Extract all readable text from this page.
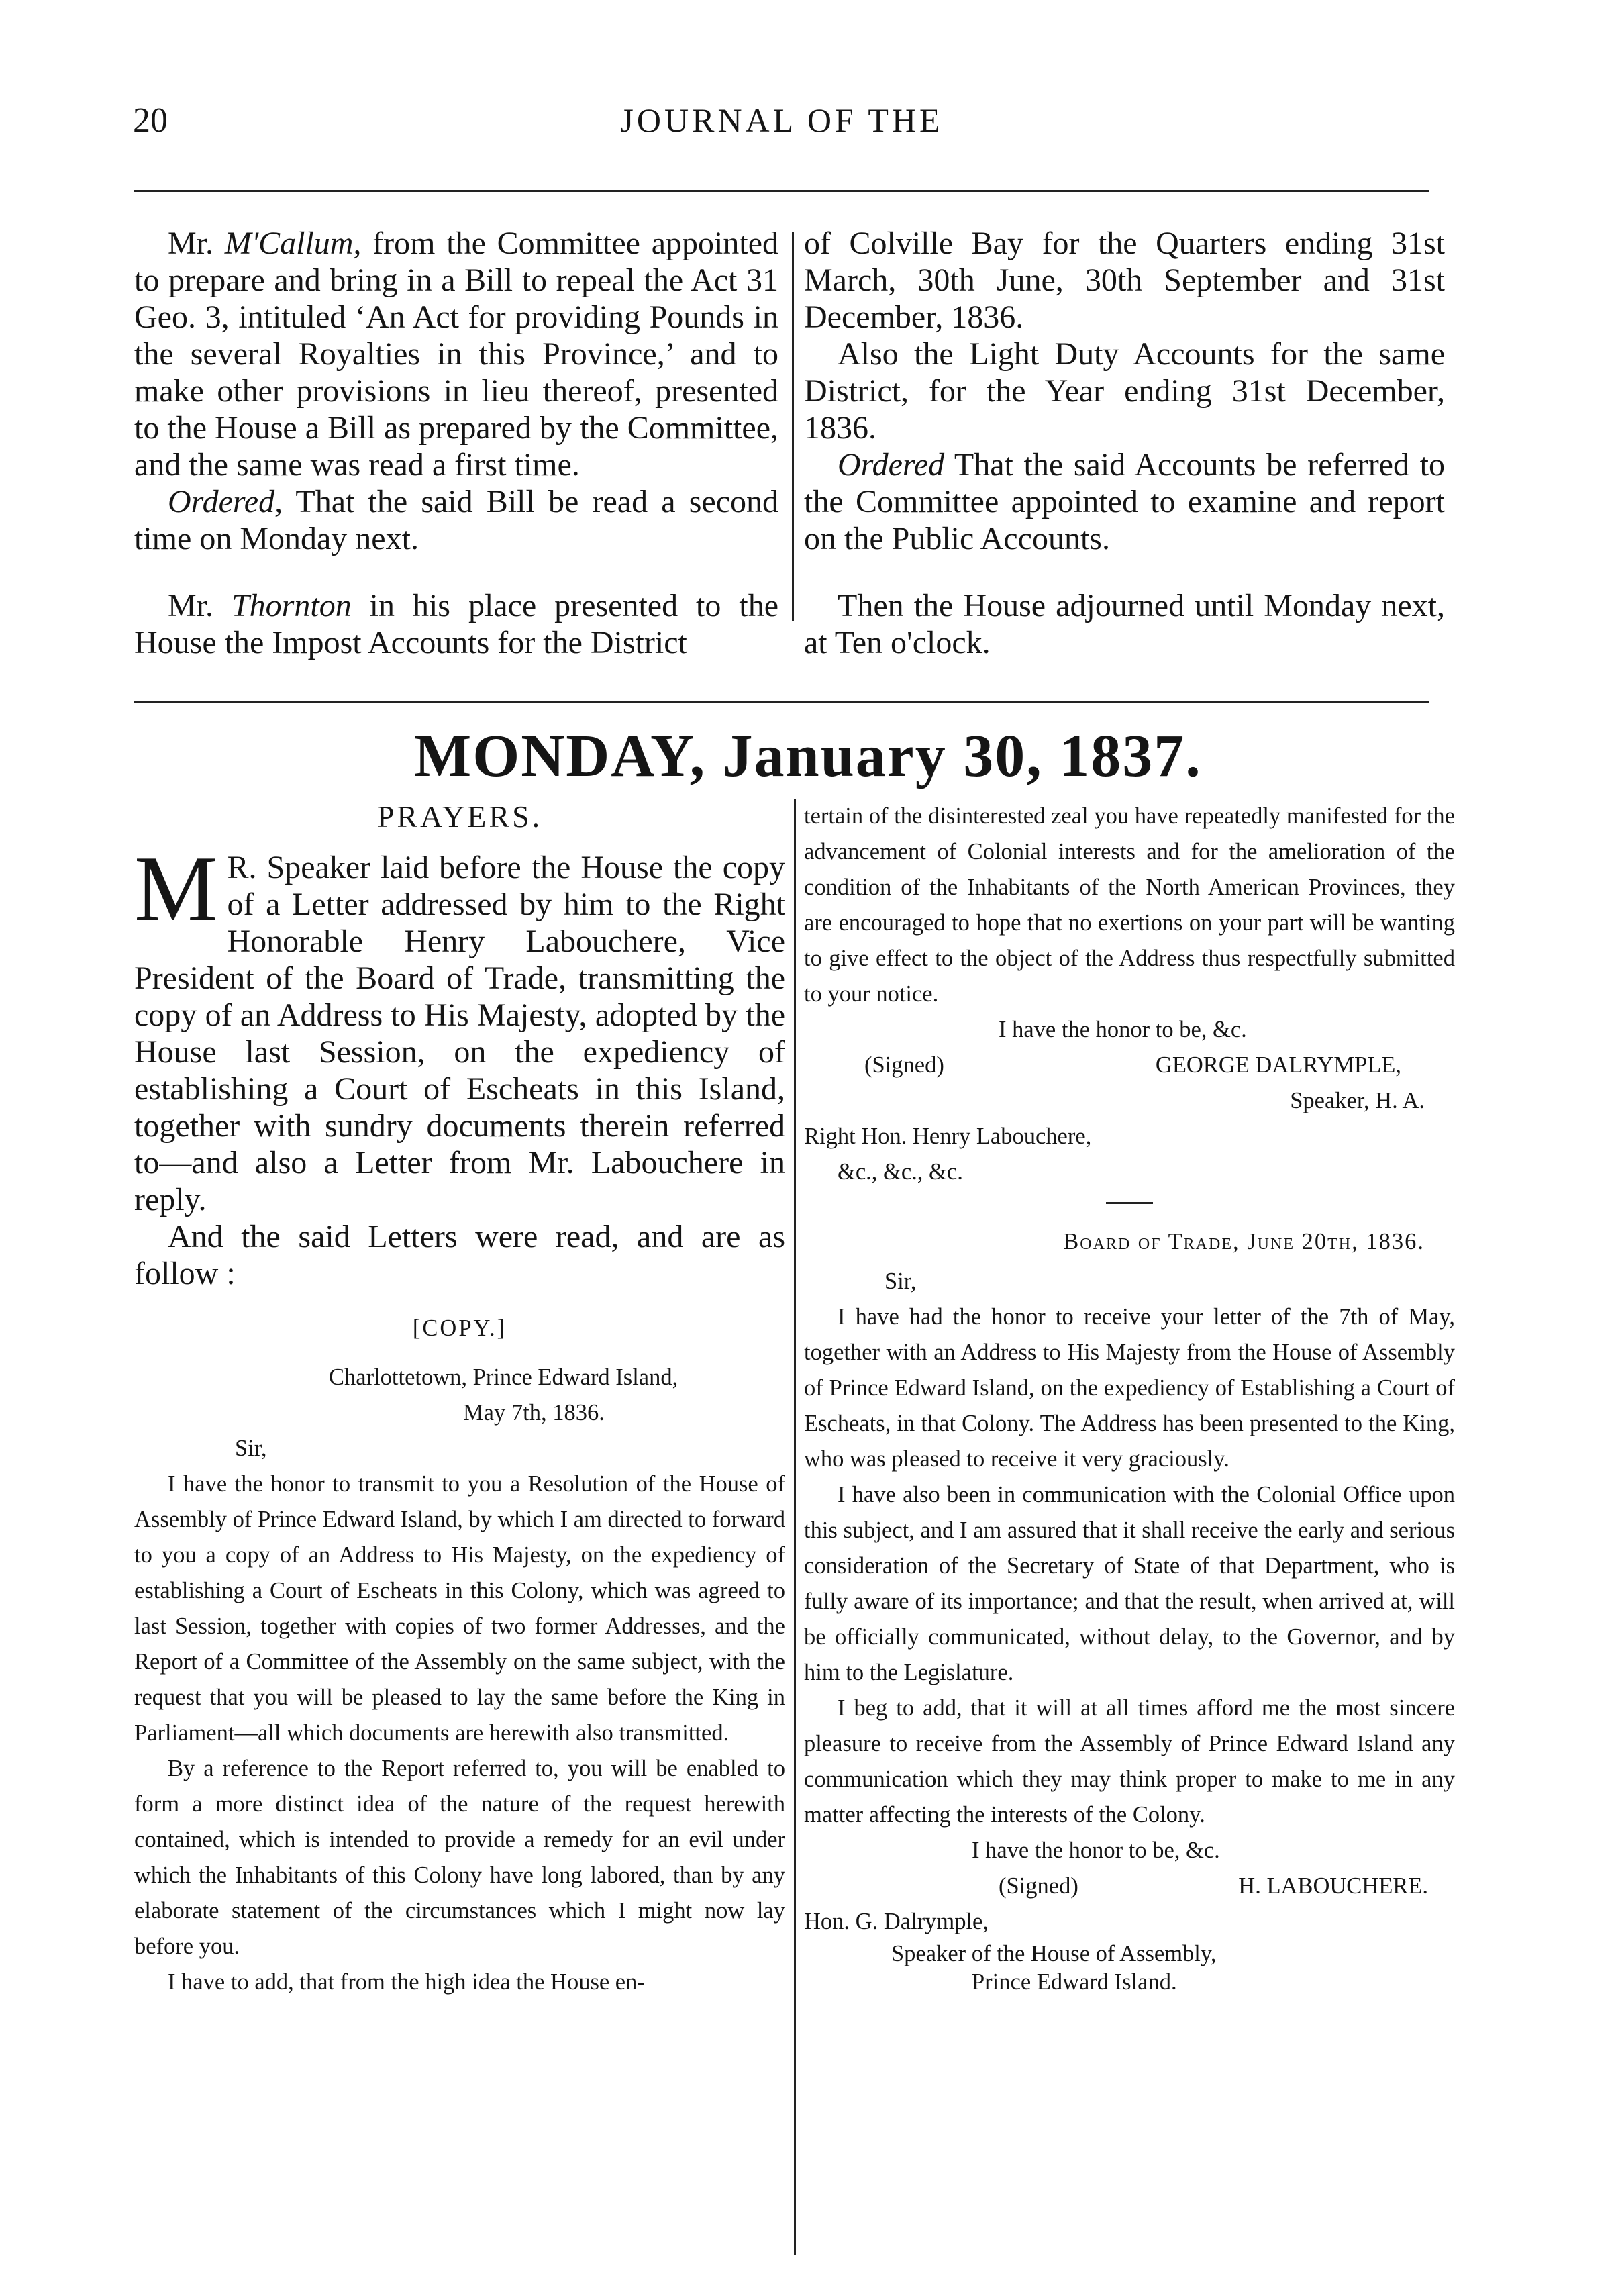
20	JOURNAL OF THE

Mr. M'Callum, from the Committee appointed to prepare and bring in a Bill to repeal the Act 31 Geo. 3, intituled ‘An Act for providing Pounds in the several Royalties in this Province,’ and to make other provisions in lieu thereof, presented to the House a Bill as prepared by the Committee, and the same was read a first time.

Ordered, That the said Bill be read a second time on Monday next.

Mr. Thornton in his place presented to the House the Impost Accounts for the District

of Colville Bay for the Quarters ending 31st March, 30th June, 30th September and 31st December, 1836.

Also the Light Duty Accounts for the same District, for the Year ending 31st December, 1836.

Ordered That the said Accounts be referred to the Committee appointed to examine and report on the Public Accounts.

Then the House adjourned until Monday next, at Ten o'clock.

MONDAY, January 30, 1837.
PRAYERS.

M R. Speaker laid before the House the copy of a Letter addressed by him to the Right Honorable Henry Labouchere, Vice President of the Board of Trade, transmitting the copy of an Address to His Majesty, adopted by the House last Session, on the expediency of establishing a Court of Escheats in this Island, together with sundry documents therein referred to—and also a Letter from Mr. Labouchere in reply.

And the said Letters were read, and are as follow :

[COPY.]

Charlottetown, Prince Edward Island,

May 7th, 1836.

Sir,

I have the honor to transmit to you a Resolution of the House of Assembly of Prince Edward Island, by which I am directed to forward to you a copy of an Address to His Majesty, on the expediency of establishing a Court of Escheats in this Colony, which was agreed to last Session, together with copies of two former Addresses, and the Report of a Committee of the Assembly on the same subject, with the request that you will be pleased to lay the same before the King in Parliament—all which documents are herewith also transmitted.

By a reference to the Report referred to, you will be enabled to form a more distinct idea of the nature of the request herewith contained, which is intended to provide a remedy for an evil under which the Inhabitants of this Colony have long labored, than by any elaborate statement of the circumstances which I might now lay before you.

I have to add, that from the high idea the House en-

tertain of the disinterested zeal you have repeatedly manifested for the advancement of Colonial interests and for the amelioration of the condition of the Inhabitants of the North American Provinces, they are encouraged to hope that no exertions on your part will be wanting to give effect to the object of the Address thus respectfully submitted to your notice.

I have the honor to be, &c.

(Signed)	GEORGE DALRYMPLE,

Speaker, H. A.

Right Hon. Henry Labouchere,

&c., &c., &c.

Board of Trade, June 20th, 1836.

Sir,

I have had the honor to receive your letter of the 7th of May, together with an Address to His Majesty from the House of Assembly of Prince Edward Island, on the expediency of Establishing a Court of Escheats, in that Colony. The Address has been presented to the King, who was pleased to receive it very graciously.

I have also been in communication with the Colonial Office upon this subject, and I am assured that it shall receive the early and serious consideration of the Secretary of State of that Department, who is fully aware of its importance; and that the result, when arrived at, will be officially communicated, without delay, to the Governor, and by him to the Legislature.

I beg to add, that it will at all times afford me the most sincere pleasure to receive from the Assembly of Prince Edward Island any communication which they may think proper to make to me in any matter affecting the interests of the Colony.

I have the honor to be, &c.

(Signed)	H. LABOUCHERE.

Hon. G. Dalrymple,

Speaker of the House of Assembly,

Prince Edward Island.
